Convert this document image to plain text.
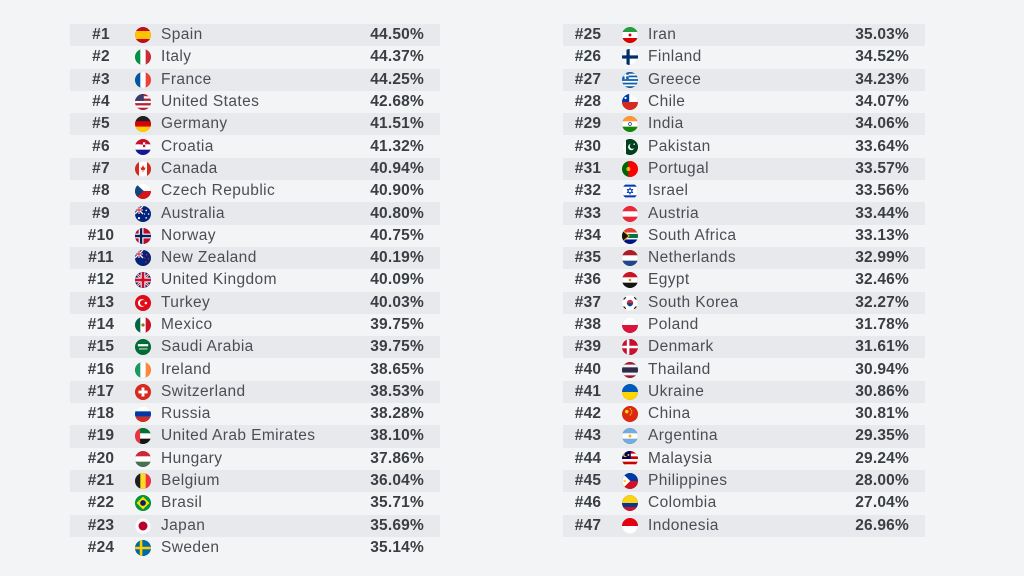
#1	Spain	44.50%
#2	Italy	44.37%
#3	France	44.25%
#4	United States	42.68%
#5	Germany	41.51%
#6	Croatia	41.32%
#7	Canada	40.94%
#8	Czech Republic	40.90%
#9	Australia	40.80%
#10	Norway	40.75%
#11	New Zealand	40.19%
#12	United Kingdom	40.09%
#13	Turkey	40.03%
#14	Mexico	39.75%
#15	Saudi Arabia	39.75%
#16	Ireland	38.65%
#17	Switzerland	38.53%
#18	Russia	38.28%
#19	United Arab Emirates	38.10%
#20	Hungary	37.86%
#21	Belgium	36.04%
#22	Brasil	35.71%
#23	Japan	35.69%
#24	Sweden	35.14%
#25	Iran	35.03%
#26	Finland	34.52%
#27	Greece	34.23%
#28	Chile	34.07%
#29	India	34.06%
#30	Pakistan	33.64%
#31	Portugal	33.57%
#32	Israel	33.56%
#33	Austria	33.44%
#34	South Africa	33.13%
#35	Netherlands	32.99%
#36	Egypt	32.46%
#37	South Korea	32.27%
#38	Poland	31.78%
#39	Denmark	31.61%
#40	Thailand	30.94%
#41	Ukraine	30.86%
#42	China	30.81%
#43	Argentina	29.35%
#44	Malaysia	29.24%
#45	Philippines	28.00%
#46	Colombia	27.04%
#47	Indonesia	26.96%
